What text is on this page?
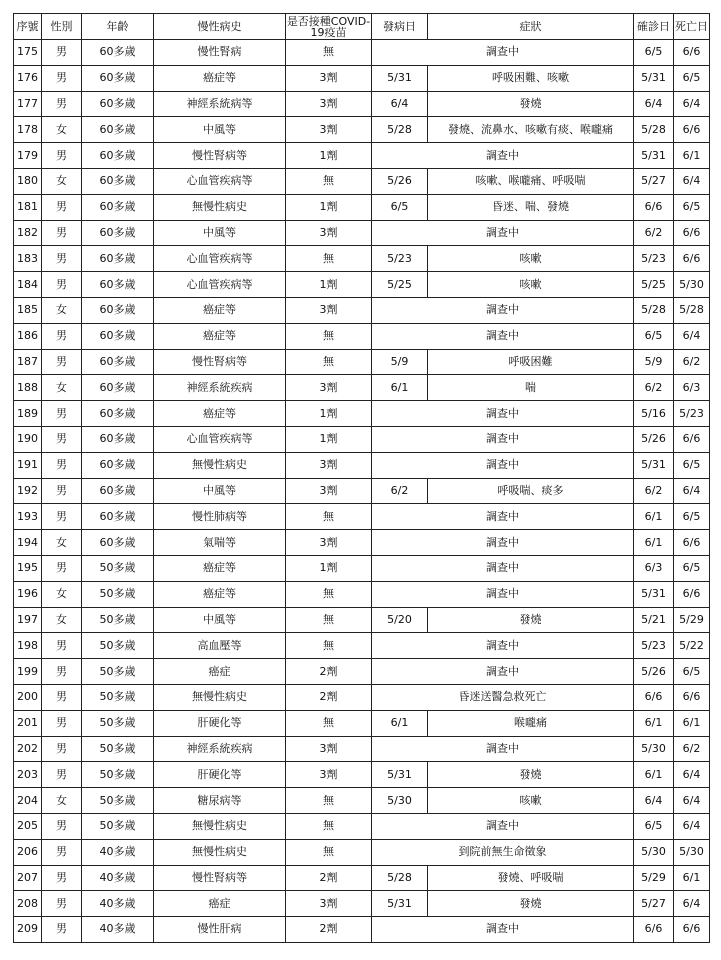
序號	性別	年齡	慢性病史	是否接種COVID-19疫苗	發病日	症狀	確診日	死亡日
175	男	60多歲	慢性腎病	無	調查中		6/5	6/6
176	男	60多歲	癌症等	3劑	5/31	呼吸困難、咳嗽	5/31	6/5
177	男	60多歲	神經系統病等	3劑	6/4	發燒	6/4	6/4
178	女	60多歲	中風等	3劑	5/28	發燒、流鼻水、咳嗽有痰、喉嚨痛	5/28	6/6
179	男	60多歲	慢性腎病等	1劑	調查中		5/31	6/1
180	女	60多歲	心血管疾病等	無	5/26	咳嗽、喉嚨痛、呼吸喘	5/27	6/4
181	男	60多歲	無慢性病史	1劑	6/5	昏迷、喘、發燒	6/6	6/5
182	男	60多歲	中風等	3劑	調查中		6/2	6/6
183	男	60多歲	心血管疾病等	無	5/23	咳嗽	5/23	6/6
184	男	60多歲	心血管疾病等	1劑	5/25	咳嗽	5/25	5/30
185	女	60多歲	癌症等	3劑	調查中		5/28	5/28
186	男	60多歲	癌症等	無	調查中		6/5	6/4
187	男	60多歲	慢性腎病等	無	5/9	呼吸困難	5/9	6/2
188	女	60多歲	神經系統疾病	3劑	6/1	喘	6/2	6/3
189	男	60多歲	癌症等	1劑	調查中		5/16	5/23
190	男	60多歲	心血管疾病等	1劑	調查中		5/26	6/6
191	男	60多歲	無慢性病史	3劑	調查中		5/31	6/5
192	男	60多歲	中風等	3劑	6/2	呼吸喘、痰多	6/2	6/4
193	男	60多歲	慢性肺病等	無	調查中		6/1	6/5
194	女	60多歲	氣喘等	3劑	調查中		6/1	6/6
195	男	50多歲	癌症等	1劑	調查中		6/3	6/5
196	女	50多歲	癌症等	無	調查中		5/31	6/6
197	女	50多歲	中風等	無	5/20	發燒	5/21	5/29
198	男	50多歲	高血壓等	無	調查中		5/23	5/22
199	男	50多歲	癌症	2劑	調查中		5/26	6/5
200	男	50多歲	無慢性病史	2劑	昏迷送醫急救死亡		6/6	6/6
201	男	50多歲	肝硬化等	無	6/1	喉嚨痛	6/1	6/1
202	男	50多歲	神經系統疾病	3劑	調查中		5/30	6/2
203	男	50多歲	肝硬化等	3劑	5/31	發燒	6/1	6/4
204	女	50多歲	糖尿病等	無	5/30	咳嗽	6/4	6/4
205	男	50多歲	無慢性病史	無	調查中		6/5	6/4
206	男	40多歲	無慢性病史	無	到院前無生命徵象		5/30	5/30
207	男	40多歲	慢性腎病等	2劑	5/28	發燒、呼吸喘	5/29	6/1
208	男	40多歲	癌症	3劑	5/31	發燒	5/27	6/4
209	男	40多歲	慢性肝病	2劑	調查中		6/6	6/6
